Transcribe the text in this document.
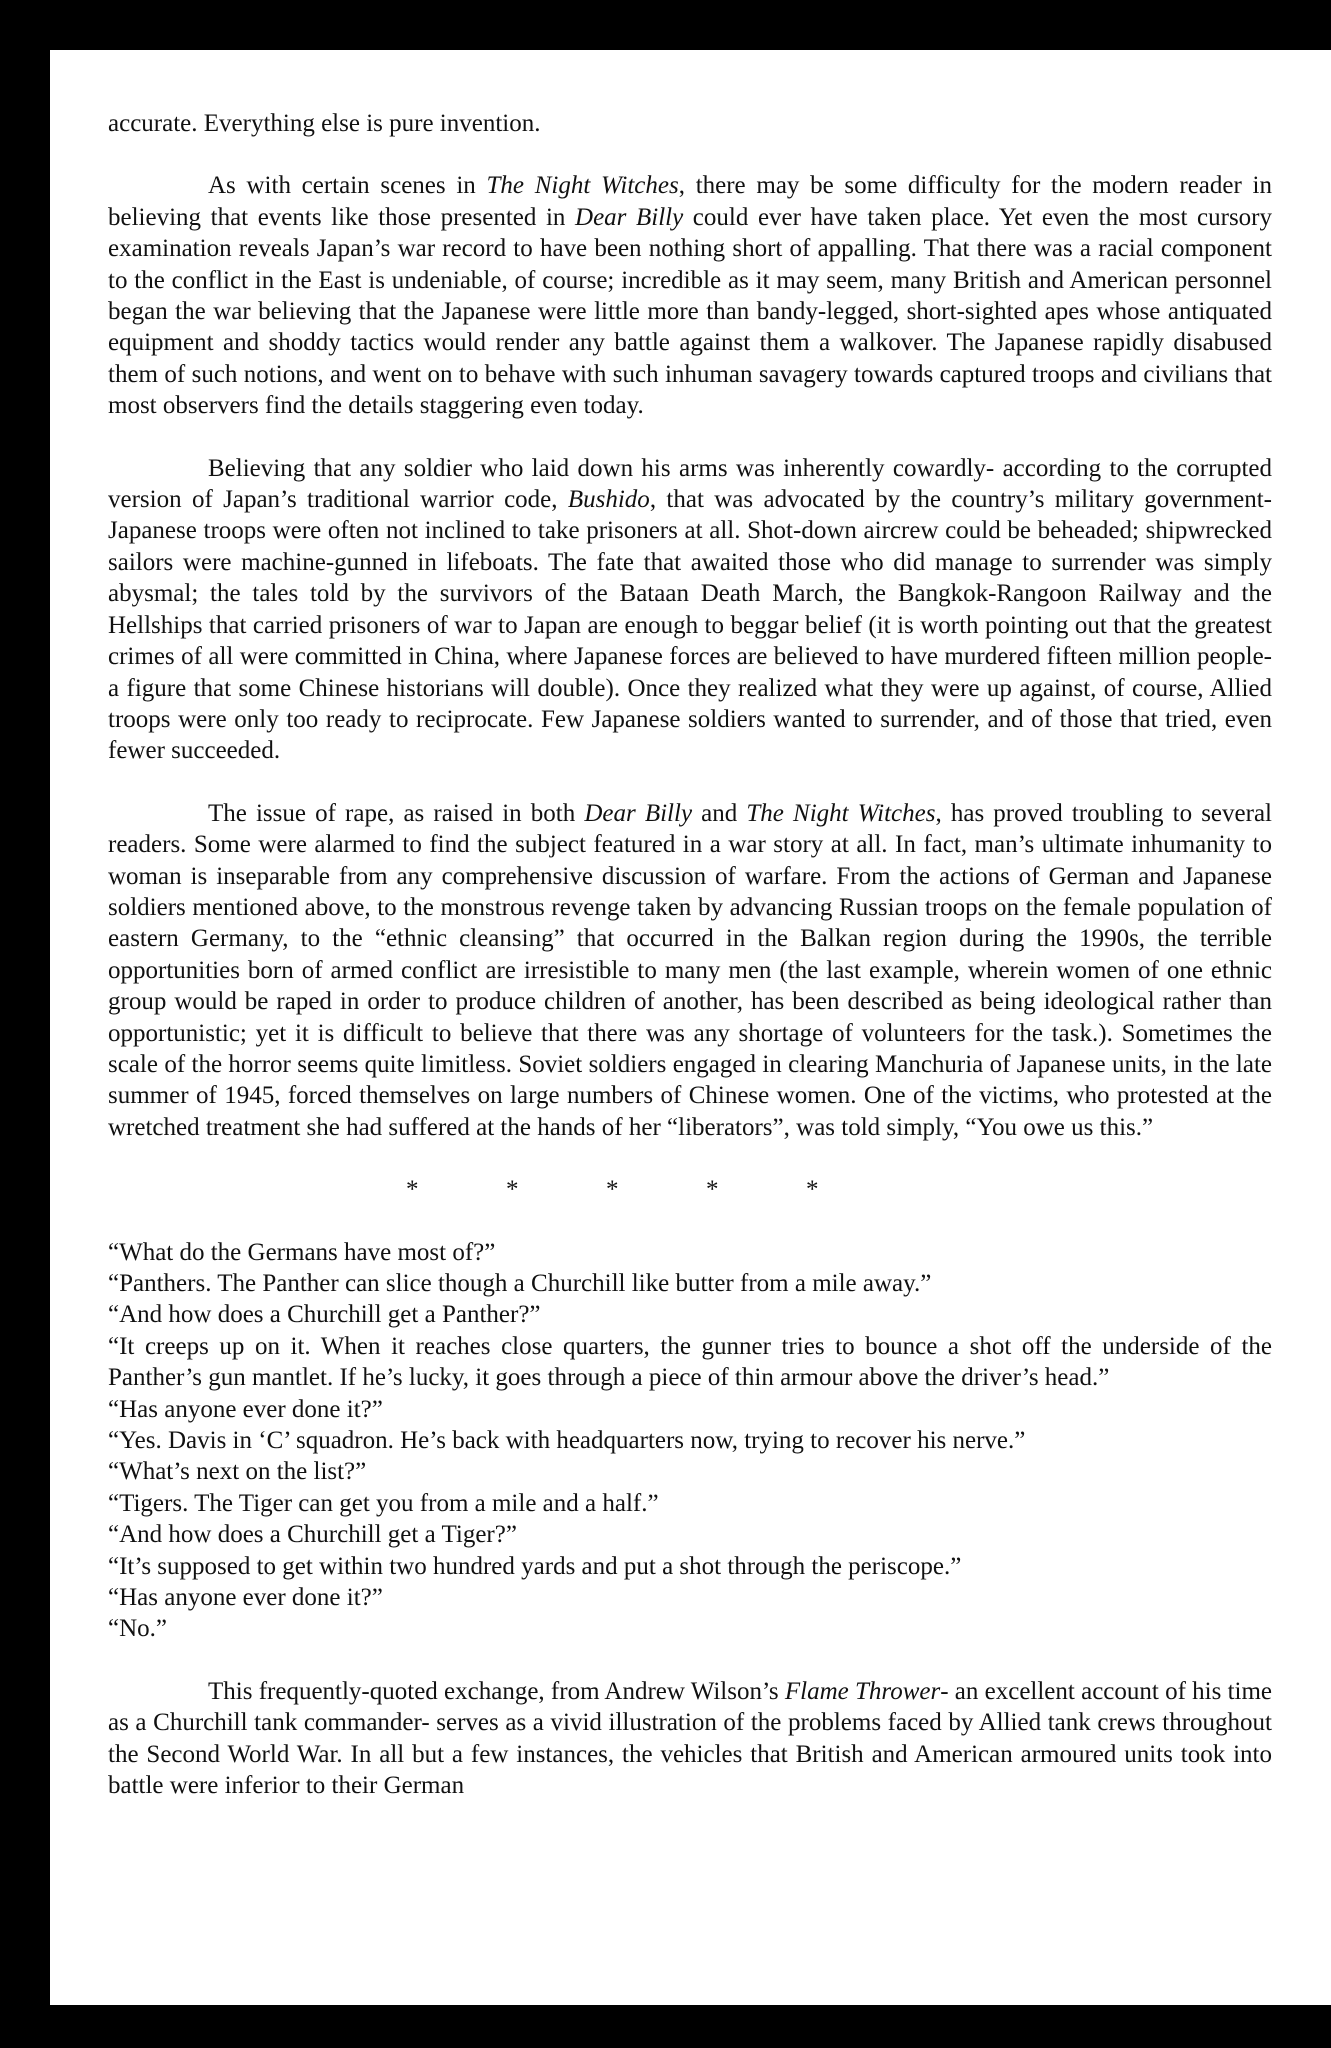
accurate. Everything else is pure invention.

As with certain scenes in The Night Witches, there may be some difficulty for the modern reader in believing that events like those presented in Dear Billy could ever have taken place. Yet even the most cursory examination reveals Japan’s war record to have been nothing short of appalling. That there was a racial component to the conflict in the East is undeniable, of course; incredible as it may seem, many British and American personnel began the war believing that the Japanese were little more than bandy-legged, short-sighted apes whose antiquated equipment and shoddy tactics would render any battle against them a walkover. The Japanese rapidly disabused them of such notions, and went on to behave with such inhuman savagery towards captured troops and civilians that most observers find the details staggering even today.

Believing that any soldier who laid down his arms was inherently cowardly- according to the corrupted version of Japan’s traditional warrior code, Bushido, that was advocated by the country’s military government- Japanese troops were often not inclined to take prisoners at all. Shot-down aircrew could be beheaded; shipwrecked sailors were machine-gunned in lifeboats. The fate that awaited those who did manage to surrender was simply abysmal; the tales told by the survivors of the Bataan Death March, the Bangkok-Rangoon Railway and the Hellships that carried prisoners of war to Japan are enough to beggar belief (it is worth pointing out that the greatest crimes of all were committed in China, where Japanese forces are believed to have murdered fifteen million people- a figure that some Chinese historians will double). Once they realized what they were up against, of course, Allied troops were only too ready to reciprocate. Few Japanese soldiers wanted to surrender, and of those that tried, even fewer succeeded.

The issue of rape, as raised in both Dear Billy and The Night Witches, has proved troubling to several readers. Some were alarmed to find the subject featured in a war story at all. In fact, man’s ultimate inhumanity to woman is inseparable from any comprehensive discussion of warfare. From the actions of German and Japanese soldiers mentioned above, to the monstrous revenge taken by advancing Russian troops on the female population of eastern Germany, to the “ethnic cleansing” that occurred in the Balkan region during the 1990s, the terrible opportunities born of armed conflict are irresistible to many men (the last example, wherein women of one ethnic group would be raped in order to produce children of another, has been described as being ideological rather than opportunistic; yet it is difficult to believe that there was any shortage of volunteers for the task.). Sometimes the scale of the horror seems quite limitless. Soviet soldiers engaged in clearing Manchuria of Japanese units, in the late summer of 1945, forced themselves on large numbers of Chinese women. One of the victims, who protested at the wretched treatment she had suffered at the hands of her “liberators”, was told simply, “You owe us this.”

*	*	*	*	*

“What do the Germans have most of?”

“Panthers. The Panther can slice though a Churchill like butter from a mile away.”

“And how does a Churchill get a Panther?”

“It creeps up on it. When it reaches close quarters, the gunner tries to bounce a shot off the underside of the Panther’s gun mantlet. If he’s lucky, it goes through a piece of thin armour above the driver’s head.”

“Has anyone ever done it?”

“Yes. Davis in ‘C’ squadron. He’s back with headquarters now, trying to recover his nerve.”

“What’s next on the list?”

“Tigers. The Tiger can get you from a mile and a half.”

“And how does a Churchill get a Tiger?”

“It’s supposed to get within two hundred yards and put a shot through the periscope.”

“Has anyone ever done it?”

“No.”

This frequently-quoted exchange, from Andrew Wilson’s Flame Thrower- an excellent account of his time as a Churchill tank commander- serves as a vivid illustration of the problems faced by Allied tank crews throughout the Second World War. In all but a few instances, the vehicles that British and American armoured units took into battle were inferior to their German
